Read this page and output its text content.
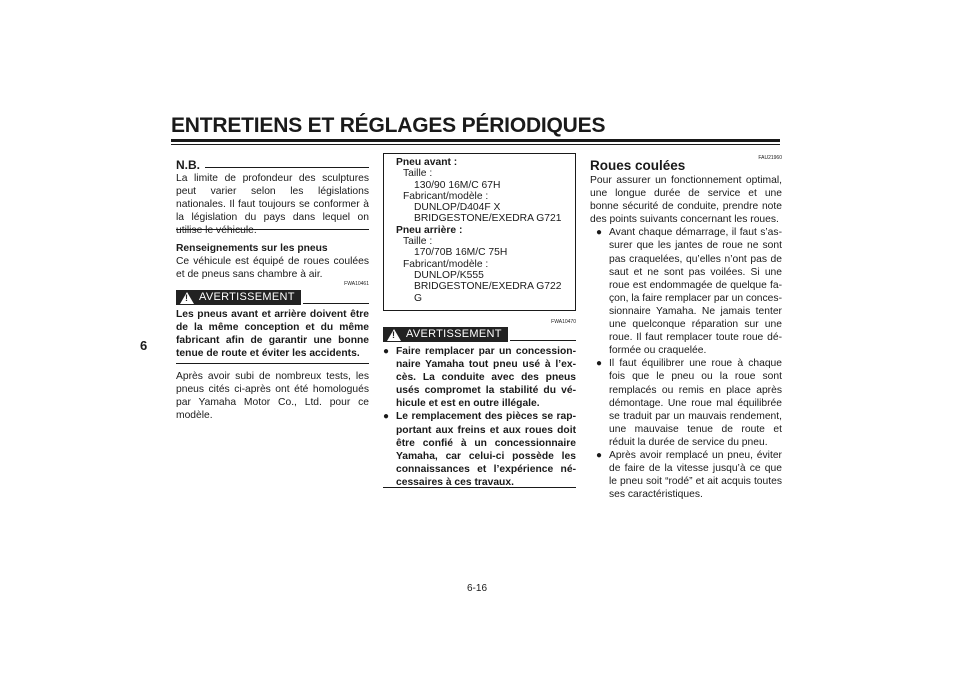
ENTRETIENS ET RÉGLAGES PÉRIODIQUES
6
N.B.

La limite de profondeur des sculptures peut varier selon les législations nationales. Il faut toujours se conformer à la législation du pays dans lequel on utilise le véhicule.

Renseignements sur les pneus

Ce véhicule est équipé de roues coulées et de pneus sans chambre à air.

FWA10461
!
AVERTISSEMENT

Les pneus avant et arrière doivent être de la même conception et du même fabricant afin de garantir une bonne tenue de route et éviter les accidents.

Après avoir subi de nombreux tests, les pneus cités ci-après ont été homologués par Yamaha Motor Co., Ltd. pour ce modèle.

Pneu avant :
Taille :
130/90 16M/C 67H
Fabricant/modèle :
DUNLOP/D404F X
BRIDGESTONE/EXEDRA G721
Pneu arrière :
Taille :
170/70B 16M/C 75H
Fabricant/modèle :
DUNLOP/K555
BRIDGESTONE/EXEDRA G722
G
FWA10470
!
AVERTISSEMENT
● Faire remplacer par un concessionnaire Yamaha tout pneu usé à l’excès. La conduite avec des pneus usés compromet la stabilité du véhicule et est en outre illégale.
● Le remplacement des pièces se rapportant aux freins et aux roues doit être confié à un concessionnaire Yamaha, car celui-ci possède les connaissances et l’expérience nécessaires à ces travaux.
FAU21960
Roues coulées

Pour assurer un fonctionnement optimal, une longue durée de service et une bonne sécurité de conduite, prendre note des points suivants concernant les roues.

● Avant chaque démarrage, il faut s’assurer que les jantes de roue ne sont pas craquelées, qu’elles n’ont pas de saut et ne sont pas voilées. Si une roue est endommagée de quelque façon, la faire remplacer par un concessionnaire Yamaha. Ne jamais tenter une quelconque réparation sur une roue. Il faut remplacer toute roue déformée ou craquelée.
● Il faut équilibrer une roue à chaque fois que le pneu ou la roue sont remplacés ou remis en place après démontage. Une roue mal équilibrée se traduit par un mauvais rendement, une mauvaise tenue de route et réduit la durée de service du pneu.
● Après avoir remplacé un pneu, éviter de faire de la vitesse jusqu’à ce que le pneu soit “rodé” et ait acquis toutes ses caractéristiques.
6-16
